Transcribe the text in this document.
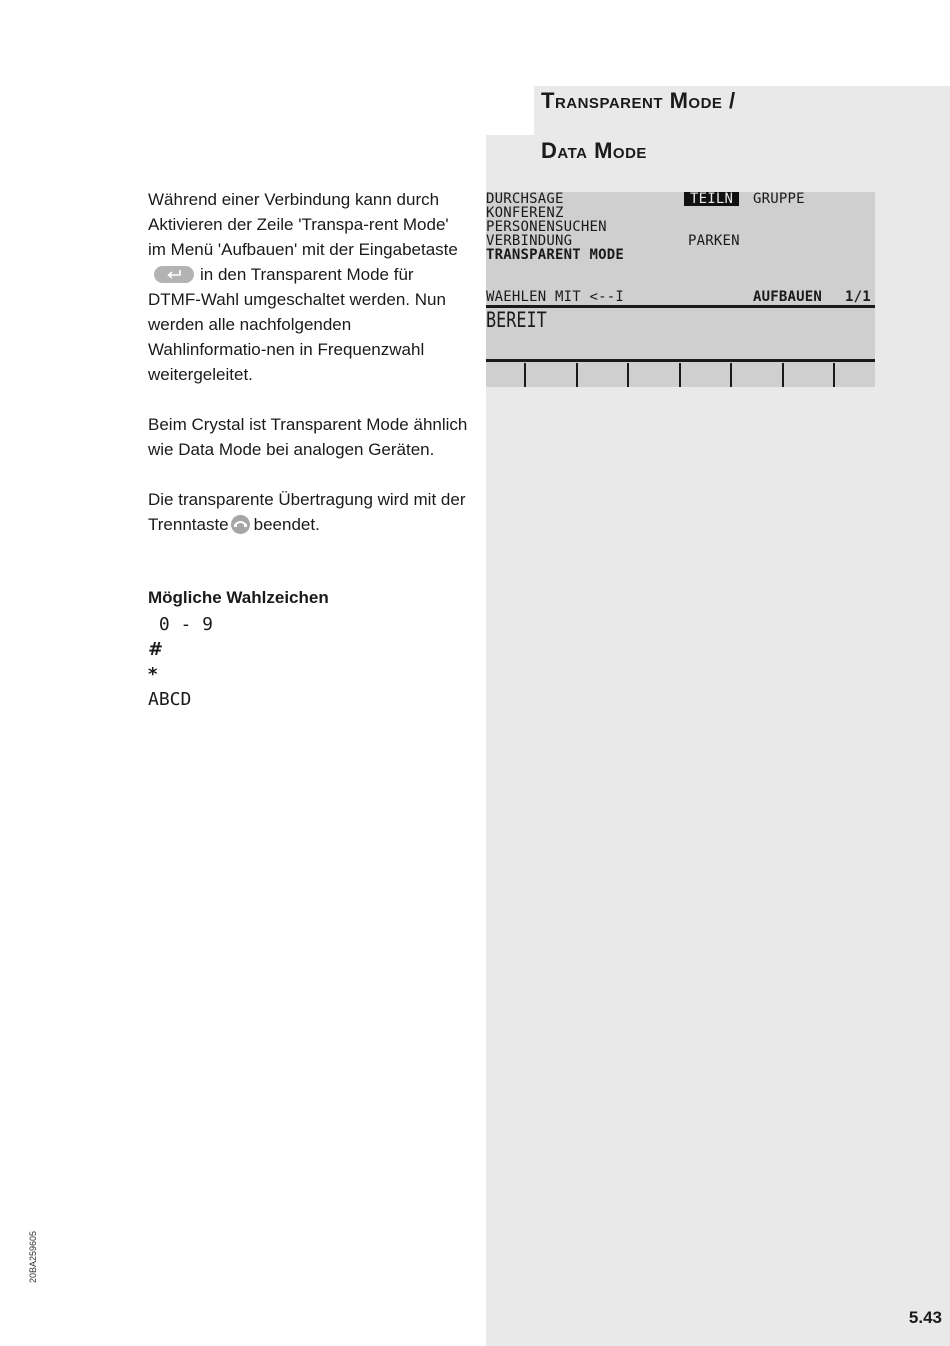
Transparent Mode /
Data Mode

Während einer Verbindung kann durch Aktivieren der Zeile 'Transpa-rent Mode' im Menü 'Aufbauen' mit der Eingabetaste
in den Transparent Mode für DTMF-Wahl umgeschaltet werden. Nun werden alle nachfolgenden Wahlinformatio-nen in Frequenzwahl weitergeleitet.

Beim Crystal ist Transparent Mode ähnlich wie Data Mode bei analogen Geräten.

Die transparente Übertragung wird mit der Trenntaste beendet.

Mögliche Wahlzeichen
0 - 9
#
*
ABCD
DURCHSAGE
KONFERENZ
PERSONENSUCHEN
VERBINDUNG
TRANSPARENT MODE
TEILN	GRUPPE
PARKEN
WAEHLEN MIT <--I	AUFBAUEN 1/1
BEREIT
20BA259605
5.43
